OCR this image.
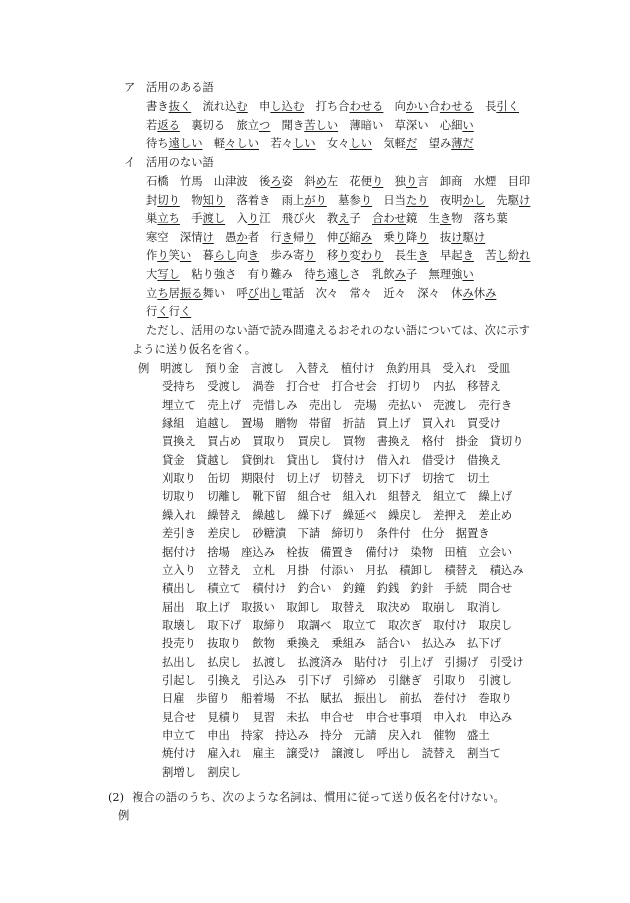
ア 活用のある語
書き抜く　流れ込む　申し込む　打ち合わせる　向かい合わせる　長引く
若返る　裏切る　旅立つ　聞き苦しい　薄暗い　草深い　心細い
待ち遠しい　軽々しい　若々しい　女々しい　気軽だ　望み薄だ
イ 活用のない語
石橋　竹馬　山津波　後ろ姿　斜め左　花便り　独り言　卸商　水煙　目印
封切り　物知り　落着き　雨上がり　墓参り　日当たり　夜明かし　先駆け
巣立ち　手渡し　入り江　飛び火　教え子　合わせ鏡　生き物　落ち葉
寒空　深情け　愚か者　行き帰り　伸び縮み　乗り降り　抜け駆け
作り笑い　暮らし向き　歩み寄り　移り変わり　長生き　早起き　苦し紛れ
大写し　粘り強さ　有り難み　待ち遠しさ　乳飲み子　無理強い
立ち居振る舞い　呼び出し電話　次々　常々　近々　深々　休み休み
行く行く
ただし、活用のない語で読み間違えるおそれのない語については、次に示す
ように送り仮名を省く。
例 明渡し　預り金　言渡し　入替え　植付け　魚釣用具　受入れ　受皿
受持ち　受渡し　渦巻　打合せ　打合せ会　打切り　内払　移替え
埋立て　売上げ　売惜しみ　売出し　売場　売払い　売渡し　売行き
縁組　追越し　置場　贈物　帯留　折詰　買上げ　買入れ　買受け
買換え　買占め　買取り　買戻し　買物　書換え　格付　掛金　貸切り
貸金　貸越し　貸倒れ　貸出し　貸付け　借入れ　借受け　借換え
刈取り　缶切　期限付　切上げ　切替え　切下げ　切捨て　切土
切取り　切離し　靴下留　組合せ　組入れ　組替え　組立て　繰上げ
繰入れ　繰替え　繰越し　繰下げ　繰延べ　繰戻し　差押え　差止め
差引き　差戻し　砂糖漬　下請　締切り　条件付　仕分　据置き
据付け　捨場　座込み　栓抜　備置き　備付け　染物　田植　立会い
立入り　立替え　立札　月掛　付添い　月払　積卸し　積替え　積込み
積出し　積立て　積付け　釣合い　釣鐘　釣銭　釣針　手続　問合せ
届出　取上げ　取扱い　取卸し　取替え　取決め　取崩し　取消し
取壊し　取下げ　取締り　取調べ　取立て　取次ぎ　取付け　取戻し
投売り　抜取り　飲物　乗換え　乗組み　話合い　払込み　払下げ
払出し　払戻し　払渡し　払渡済み　貼付け　引上げ　引揚げ　引受け
引起し　引換え　引込み　引下げ　引締め　引継ぎ　引取り　引渡し
日雇　歩留り　船着場　不払　賦払　振出し　前払　巻付け　巻取り
見合せ　見積り　見習　未払　申合せ　申合せ事項　申入れ　申込み
申立て　申出　持家　持込み　持分　元請　戻入れ　催物　盛土
焼付け　雇入れ　雇主　譲受け　譲渡し　呼出し　読替え　割当て
割増し　割戻し
(2) 複合の語のうち、次のような名詞は、慣用に従って送り仮名を付けない。
例
